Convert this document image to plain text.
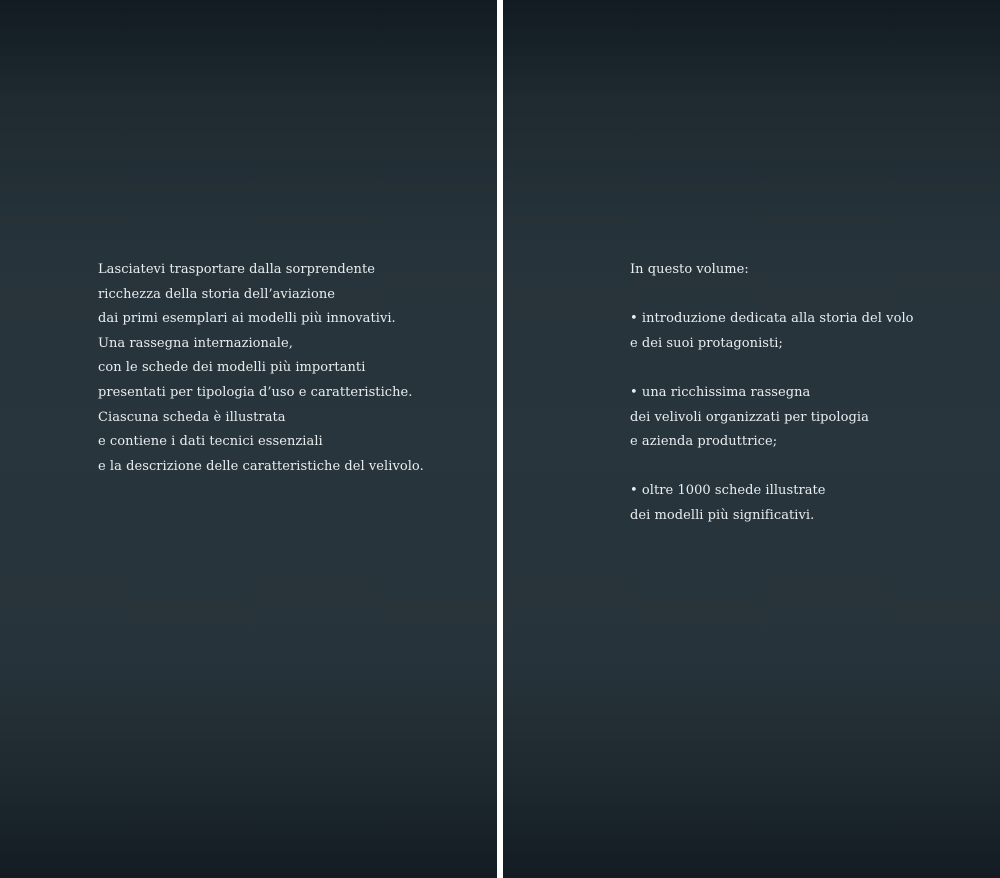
Lasciatevi trasportare dalla sorprendente
ricchezza della storia dell’aviazione
dai primi esemplari ai modelli più innovativi.
Una rassegna internazionale,
con le schede dei modelli più importanti
presentati per tipologia d’uso e caratteristiche.
Ciascuna scheda è illustrata
e contiene i dati tecnici essenziali
e la descrizione delle caratteristiche del velivolo.
In questo volume:
• introduzione dedicata alla storia del volo
e dei suoi protagonisti;
• una ricchissima rassegna
dei velivoli organizzati per tipologia
e azienda produttrice;
• oltre 1000 schede illustrate
dei modelli più significativi.
